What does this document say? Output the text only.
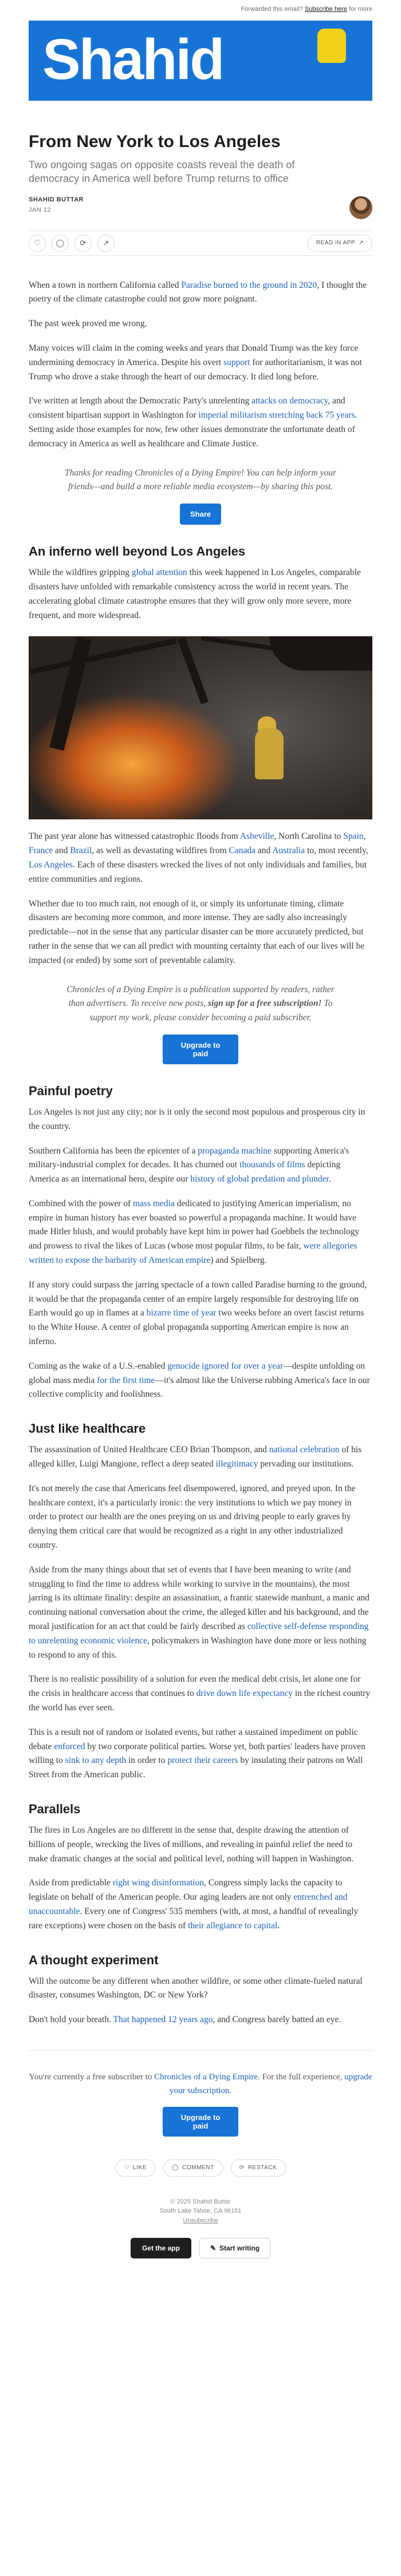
Forwarded this email? Subscribe here for more
Shahid
From New York to Los Angeles
Two ongoing sagas on opposite coasts reveal the death of democracy in America well before Trump returns to office
SHAHID BUTTAR
JAN 12
♡ ◯ ⟳ ↗	READ IN APP ↗

When a town in northern California called Paradise burned to the ground in 2020, I thought the poetry of the climate catastrophe could not grow more poignant.

The past week proved me wrong.

Many voices will claim in the coming weeks and years that Donald Trump was the key force undermining democracy in America. Despite his overt support for authoritarianism, it was not Trump who drove a stake through the heart of our democracy. It died long before.

I've written at length about the Democratic Party's unrelenting attacks on democracy, and consistent bipartisan support in Washington for imperial militarism stretching back 75 years. Setting aside those examples for now, few other issues demonstrate the unfortunate death of democracy in America as well as healthcare and Climate Justice.

Thanks for reading Chronicles of a Dying Empire! You can help inform your friends—and build a more reliable media ecosystem—by sharing this post.
Share
An inferno well beyond Los Angeles

While the wildfires gripping global attention this week happened in Los Angeles, comparable disasters have unfolded with remarkable consistency across the world in recent years. The accelerating global climate catastrophe ensures that they will grow only more severe, more frequent, and more widespread.

The past year alone has witnessed catastrophic floods from Asheville, North Carolina to Spain, France and Brazil, as well as devastating wildfires from Canada and Australia to, most recently, Los Angeles. Each of these disasters wrecked the lives of not only individuals and families, but entire communities and regions.

Whether due to too much rain, not enough of it, or simply its unfortunate timing, climate disasters are becoming more common, and more intense. They are sadly also increasingly predictable—not in the sense that any particular disaster can be more accurately predicted, but rather in the sense that we can all predict with mounting certainty that each of our lives will be impacted (or ended) by some sort of preventable calamity.

Chronicles of a Dying Empire is a publication supported by readers, rather than advertisers. To receive new posts, sign up for a free subscription! To support my work, please consider becoming a paid subscriber.
Upgrade to paid
Painful poetry

Los Angeles is not just any city; nor is it only the second most populous and prosperous city in the country.

Southern California has been the epicenter of a propaganda machine supporting America's military-industrial complex for decades. It has churned out thousands of films depicting America as an international hero, despite our history of global predation and plunder.

Combined with the power of mass media dedicated to justifying American imperialism, no empire in human history has ever boasted so powerful a propaganda machine. It would have made Hitler blush, and would probably have kept him in power had Goebbels the technology and prowess to rival the likes of Lucas (whose most popular films, to be fair, were allegories written to expose the barbarity of American empire) and Spielberg.

If any story could surpass the jarring spectacle of a town called Paradise burning to the ground, it would be that the propaganda center of an empire largely responsible for destroying life on Earth would go up in flames at a bizarre time of year two weeks before an overt fascist returns to the White House. A center of global propaganda supporting American empire is now an inferno.

Coming as the wake of a U.S.-enabled genocide ignored for over a year—despite unfolding on global mass media for the first time—it's almost like the Universe rubbing America's face in our collective complicity and foolishness.

Just like healthcare

The assassination of United Healthcare CEO Brian Thompson, and national celebration of his alleged killer, Luigi Mangione, reflect a deep seated illegitimacy pervading our institutions.

It's not merely the case that Americans feel disempowered, ignored, and preyed upon. In the healthcare context, it's a particularly ironic: the very institutions to which we pay money in order to protect our health are the ones preying on us and driving people to early graves by denying them critical care that would be recognized as a right in any other industrialized country.

Aside from the many things about that set of events that I have been meaning to write (and struggling to find the time to address while working to survive in the mountains), the most jarring is its ultimate finality: despite an assassination, a frantic statewide manhunt, a manic and continuing national conversation about the crime, the alleged killer and his background, and the moral justification for an act that could be fairly described as collective self-defense responding to unrelenting economic violence, policymakers in Washington have done more or less nothing to respond to any of this.

There is no realistic possibility of a solution for even the medical debt crisis, let alone one for the crisis in healthcare access that continues to drive down life expectancy in the richest country the world has ever seen.

This is a result not of random or isolated events, but rather a sustained impediment on public debate enforced by two corporate political parties. Worse yet, both parties' leaders have proven willing to sink to any depth in order to protect their careers by insulating their patrons on Wall Street from the American public.

Parallels

The fires in Los Angeles are no different in the sense that, despite drawing the attention of billions of people, wrecking the lives of millions, and revealing in painful relief the need to make dramatic changes at the social and political level, nothing will happen in Washington.

Aside from predictable right wing disinformation, Congress simply lacks the capacity to legislate on behalf of the American people. Our aging leaders are not only entrenched and unaccountable. Every one of Congress' 535 members (with, at most, a handful of revealingly rare exceptions) were chosen on the basis of their allegiance to capital.

A thought experiment

Will the outcome be any different when another wildfire, or some other climate-fueled natural disaster, consumes Washington, DC or New York?

Don't hold your breath. That happened 12 years ago, and Congress barely batted an eye.

You're currently a free subscriber to Chronicles of a Dying Empire. For the full experience, upgrade your subscription.
Upgrade to paid
♡ LIKE	◯ COMMENT	⟳ RESTACK
© 2025 Shahid Buttar
South Lake Tahoe, CA 96151
Unsubscribe
Get the app	✎ Start writing
